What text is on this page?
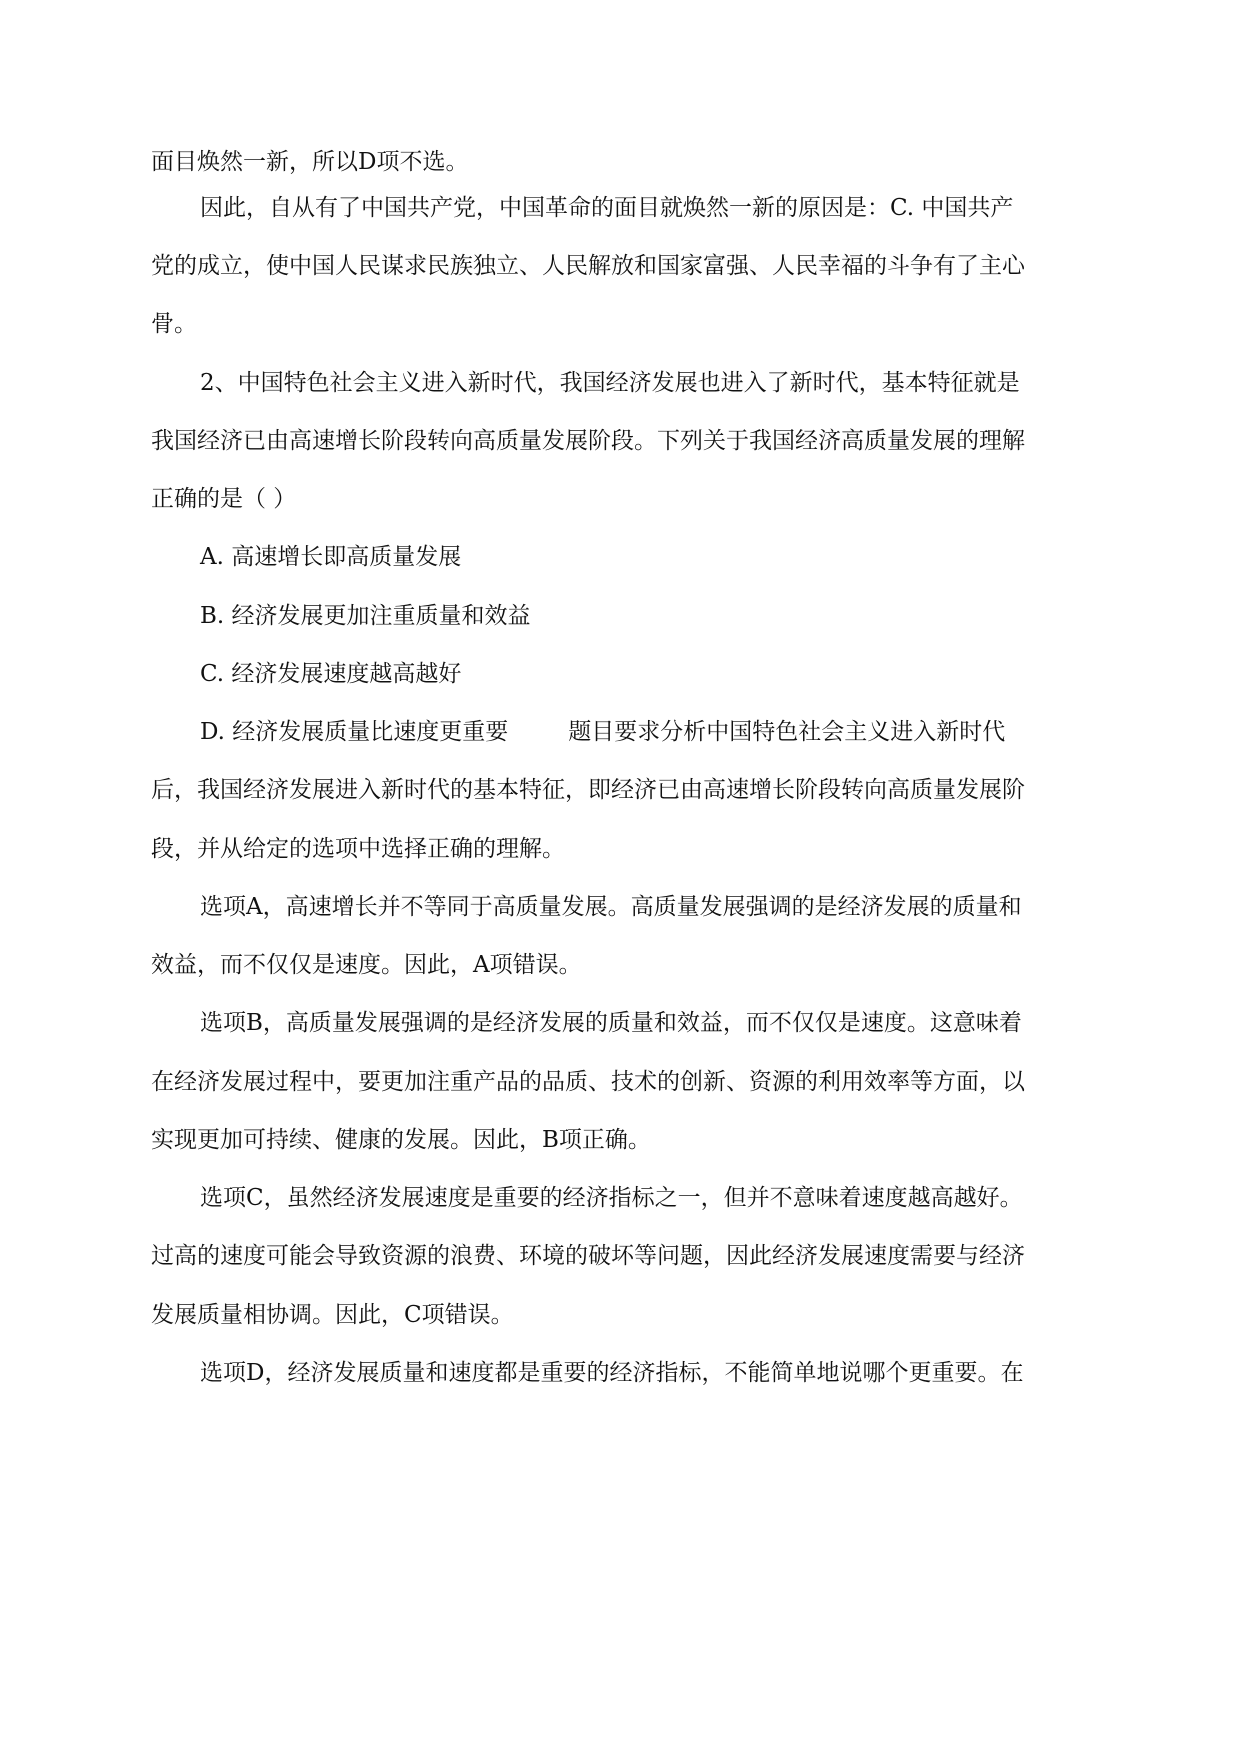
面目焕然一新，所以D项不选。
因此，自从有了中国共产党，中国革命的面目就焕然一新的原因是：C. 中国共产
党的成立，使中国人民谋求民族独立、人民解放和国家富强、人民幸福的斗争有了主心
骨。
2、中国特色社会主义进入新时代，我国经济发展也进入了新时代，基本特征就是
我国经济已由高速增长阶段转向高质量发展阶段。下列关于我国经济高质量发展的理解
正确的是（ ）
A. 高速增长即高质量发展
B. 经济发展更加注重质量和效益
C. 经济发展速度越高越好
D. 经济发展质量比速度更重要	题目要求分析中国特色社会主义进入新时代
后，我国经济发展进入新时代的基本特征，即经济已由高速增长阶段转向高质量发展阶
段，并从给定的选项中选择正确的理解。
选项A，高速增长并不等同于高质量发展。高质量发展强调的是经济发展的质量和
效益，而不仅仅是速度。因此，A项错误。
选项B，高质量发展强调的是经济发展的质量和效益，而不仅仅是速度。这意味着
在经济发展过程中，要更加注重产品的品质、技术的创新、资源的利用效率等方面，以
实现更加可持续、健康的发展。因此，B项正确。
选项C，虽然经济发展速度是重要的经济指标之一，但并不意味着速度越高越好。
过高的速度可能会导致资源的浪费、环境的破坏等问题，因此经济发展速度需要与经济
发展质量相协调。因此，C项错误。
选项D，经济发展质量和速度都是重要的经济指标，不能简单地说哪个更重要。在
